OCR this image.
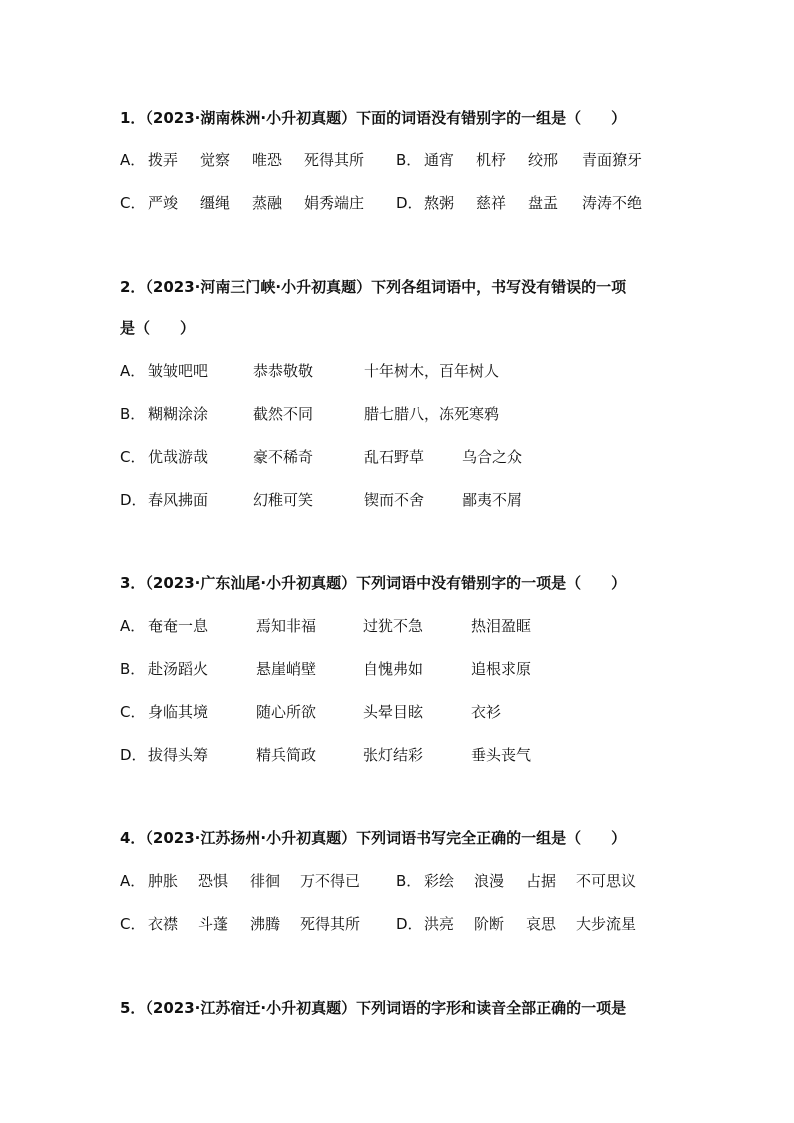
1．（2023·湖南株洲·小升初真题）下面的词语没有错别字的一组是（　　）
A． 拨弄 觉察 唯恐 死得其所 B． 通宵 机杼 绞邢 青面獠牙
C． 严竣 缰绳 蒸融 娟秀端庄 D． 熬粥 慈祥 盘盂 涛涛不绝
2．（2023·河南三门峡·小升初真题）下列各组词语中，书写没有错误的一项
是（　　）
A． 皱皱吧吧	恭恭敬敬	十年树木，百年树人
B． 糊糊涂涂	截然不同	腊七腊八，冻死寒鸦
C． 优哉游哉	豪不稀奇	乱石野草	乌合之众
D． 春风拂面	幻稚可笑	锲而不舍	鄙夷不屑
3．（2023·广东汕尾·小升初真题）下列词语中没有错别字的一项是（　　）
A． 奄奄一息	焉知非福	过犹不急	热泪盈眶
B． 赴汤蹈火	悬崖峭壁	自愧弗如	追根求原
C． 身临其境	随心所欲	头晕目眩	衣衫
D． 拔得头筹	精兵简政	张灯结彩	垂头丧气
4．（2023·江苏扬州·小升初真题）下列词语书写完全正确的一组是（　　）
A． 肿胀 恐惧 徘徊 万不得已 B． 彩绘 浪漫 占据 不可思议
C． 衣襟 斗蓬 沸腾 死得其所 D． 洪亮 阶断 哀思 大步流星
5．（2023·江苏宿迁·小升初真题）下列词语的字形和读音全部正确的一项是
